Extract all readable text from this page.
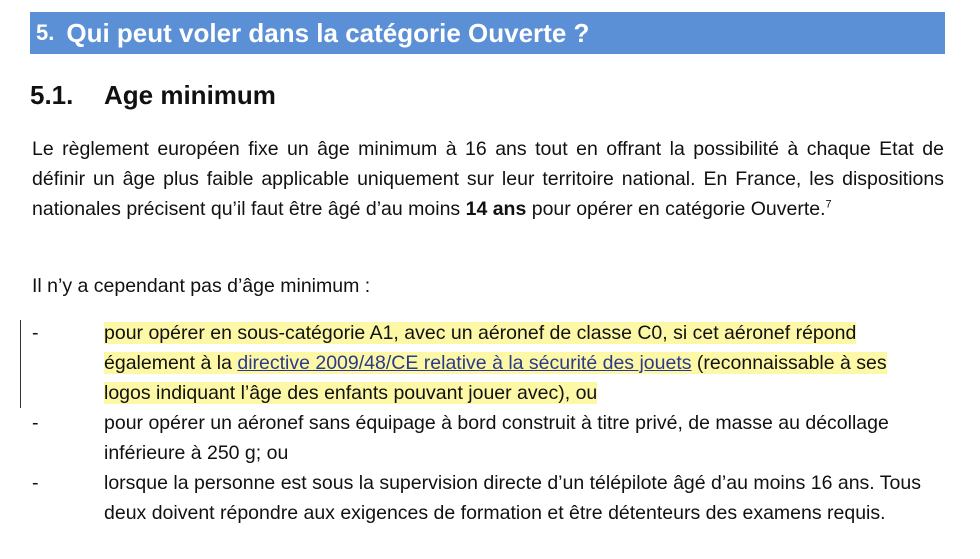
5. Qui peut voler dans la catégorie Ouverte ?
5.1.	Age minimum
Le règlement européen fixe un âge minimum à 16 ans tout en offrant la possibilité à chaque Etat de définir un âge plus faible applicable uniquement sur leur territoire national. En France, les dispositions nationales précisent qu’il faut être âgé d’au moins 14 ans pour opérer en catégorie Ouverte.$^7$
Il n’y a cependant pas d’âge minimum :
-	pour opérer en sous-catégorie A1, avec un aéronef de classe C0, si cet aéronef répond également à la directive 2009/48/CE relative à la sécurité des jouets (reconnaissable à ses logos indiquant l’âge des enfants pouvant jouer avec), ou
-	pour opérer un aéronef sans équipage à bord construit à titre privé, de masse au décollage inférieure à 250 g; ou
-	lorsque la personne est sous la supervision directe d’un télépilote âgé d’au moins 16 ans. Tous deux doivent répondre aux exigences de formation et être détenteurs des examens requis.
